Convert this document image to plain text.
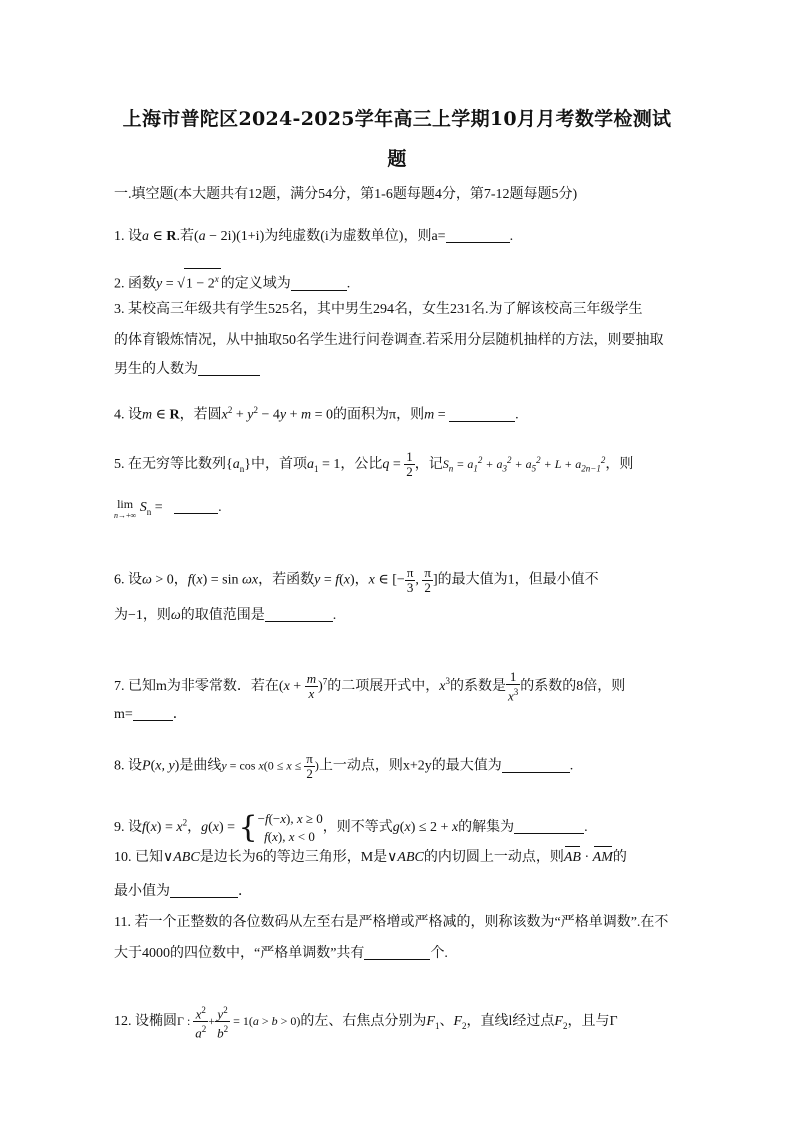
上海市普陀区2024-2025学年高三上学期10月月考数学检测试
题
一.填空题(本大题共有12题，满分54分，第1-6题每题4分，第7-12题每题5分)
1. 设a ∈ R.若(a − 2i)(1+i)为纯虚数(i为虚数单位)，则a=	.
2. 函数$y = √1 - 2^x$ 的定义域为	.
3. 某校高三年级共有学生525名，其中男生294名，女生231名.为了解该校高三年级学生
的体育锻炼情况，从中抽取50名学生进行问卷调查.若采用分层随机抽样的方法，则要抽取
男生的人数为
4. 设m ∈ R，若圆$x^2 + y^2 - 4y + m = 0$的面积为π，则m =	.
5. 在无穷等比数列$\{a_n\}$中，首项$a_1 = 1$，公比$q = \frac{1}{2}$ ，记$S_n = a_1^2 + a_3^2 + a_5^2 + L + a_{2n-1}^2$，则
lim
n→+∞
$S_n$ =	.
6. 设ω > 0，f(x) = sin ωx，若函数y = f(x)，x ∈ [− $\frac{\pi}{3}$ , $\frac{\pi}{2}$ ]的最大值为1，但最小值不
为−1，则ω的取值范围是	.
7. 已知m为非零常数．若在$(x + \frac{m}{x} )^7$的二项展开式中，$x^3$的系数是 $\frac{1}{x^3}$ 的系数的8倍，则
m=	．
8. 设P(x, y)是曲线$y = \cos x(0 \le x \le \frac{\pi}{2}$ )上一动点，则x+2y的最大值为	.
9. 设$f(x) = x^2$，g(x) = { −f(−x), x ≥ 0
f(x), x < 0
，则不等式g(x) ≤ 2 + x的解集为	.
10. 已知∨ABC是边长为6的等边三角形，M是∨ABC的内切圆上一动点，则AB · AM的
最小值为	．
11. 若一个正整数的各位数码从左至右是严格增或严格减的，则称该数为“严格单调数”.在不
大于4000的四位数中，“严格单调数”共有	个.
12. 设椭圆Γ : $\frac{x^2}{a^2} + \frac{y^2}{b^2} = 1(a > b > 0)$的左、右焦点分别为$F_1$、$F_2$，直线l经过点$F_2$，且与Γ
